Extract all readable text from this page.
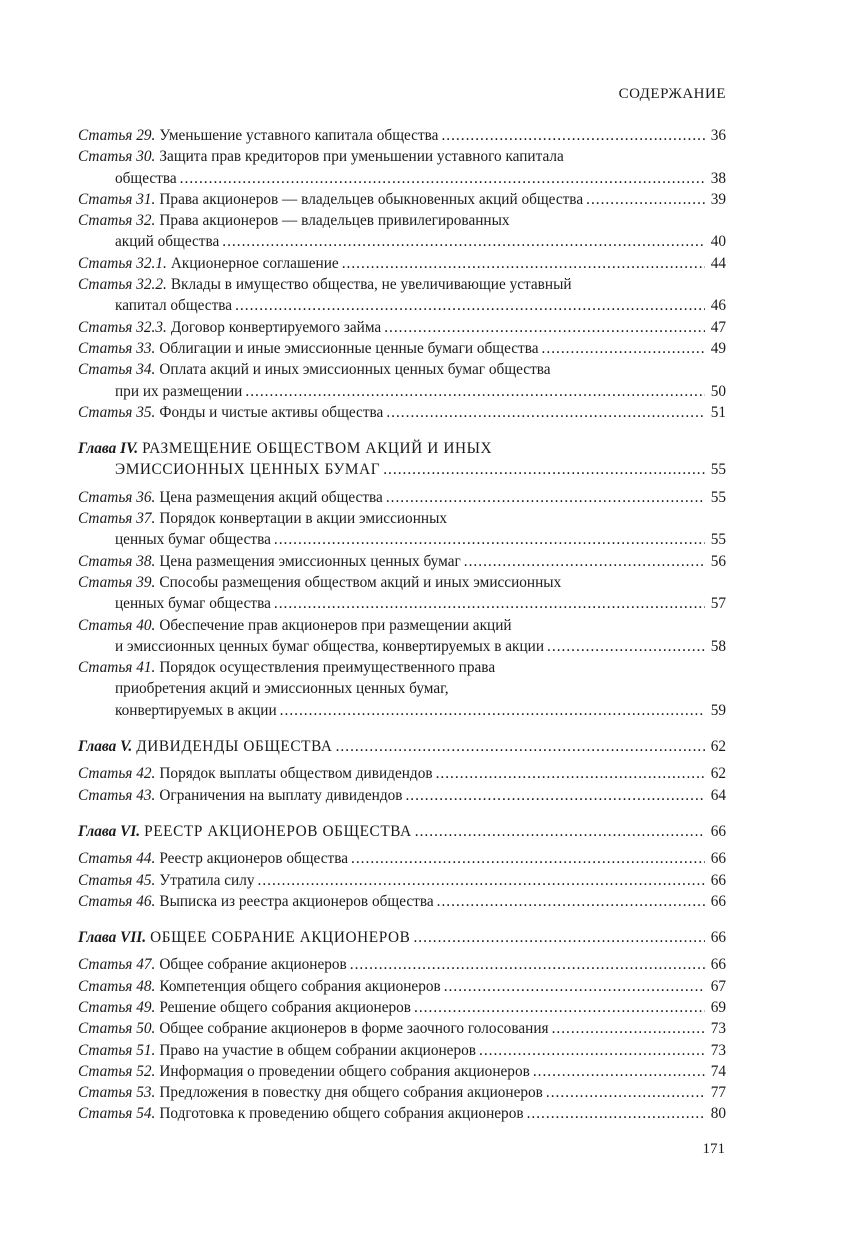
СОДЕРЖАНИЕ
Статья 29. Уменьшение уставного капитала общества .....	36
Статья 30. Защита прав кредиторов при уменьшении уставного капитала
общества .....	38
Статья 31. Права акционеров — владельцев обыкновенных акций общества .....	39
Статья 32. Права акционеров — владельцев привилегированных
акций общества .....	40
Статья 32.1. Акционерное соглашение .....	44
Статья 32.2. Вклады в имущество общества, не увеличивающие уставный
капитал общества .....	46
Статья 32.3. Договор конвертируемого займа .....	47
Статья 33. Облигации и иные эмиссионные ценные бумаги общества .....	49
Статья 34. Оплата акций и иных эмиссионных ценных бумаг общества
при их размещении .....	50
Статья 35. Фонды и чистые активы общества .....	51
Глава IV. РАЗМЕЩЕНИЕ ОБЩЕСТВОМ АКЦИЙ И ИНЫХ
ЭМИССИОННЫХ ЦЕННЫХ БУМАГ .....	55
Статья 36. Цена размещения акций общества .....	55
Статья 37. Порядок конвертации в акции эмиссионных
ценных бумаг общества .....	55
Статья 38. Цена размещения эмиссионных ценных бумаг .....	56
Статья 39. Способы размещения обществом акций и иных эмиссионных
ценных бумаг общества .....	57
Статья 40. Обеспечение прав акционеров при размещении акций
и эмиссионных ценных бумаг общества, конвертируемых в акции .....	58
Статья 41. Порядок осуществления преимущественного права
приобретения акций и эмиссионных ценных бумаг,
конвертируемых в акции .....	59
Глава V. ДИВИДЕНДЫ ОБЩЕСТВА .....	62
Статья 42. Порядок выплаты обществом дивидендов .....	62
Статья 43. Ограничения на выплату дивидендов .....	64
Глава VI. РЕЕСТР АКЦИОНЕРОВ ОБЩЕСТВА .....	66
Статья 44. Реестр акционеров общества .....	66
Статья 45. Утратила силу .....	66
Статья 46. Выписка из реестра акционеров общества .....	66
Глава VII. ОБЩЕЕ СОБРАНИЕ АКЦИОНЕРОВ .....	66
Статья 47. Общее собрание акционеров .....	66
Статья 48. Компетенция общего собрания акционеров .....	67
Статья 49. Решение общего собрания акционеров .....	69
Статья 50. Общее собрание акционеров в форме заочного голосования .....	73
Статья 51. Право на участие в общем собрании акционеров .....	73
Статья 52. Информация о проведении общего собрания акционеров .....	74
Статья 53. Предложения в повестку дня общего собрания акционеров .....	77
Статья 54. Подготовка к проведению общего собрания акционеров .....	80
171
